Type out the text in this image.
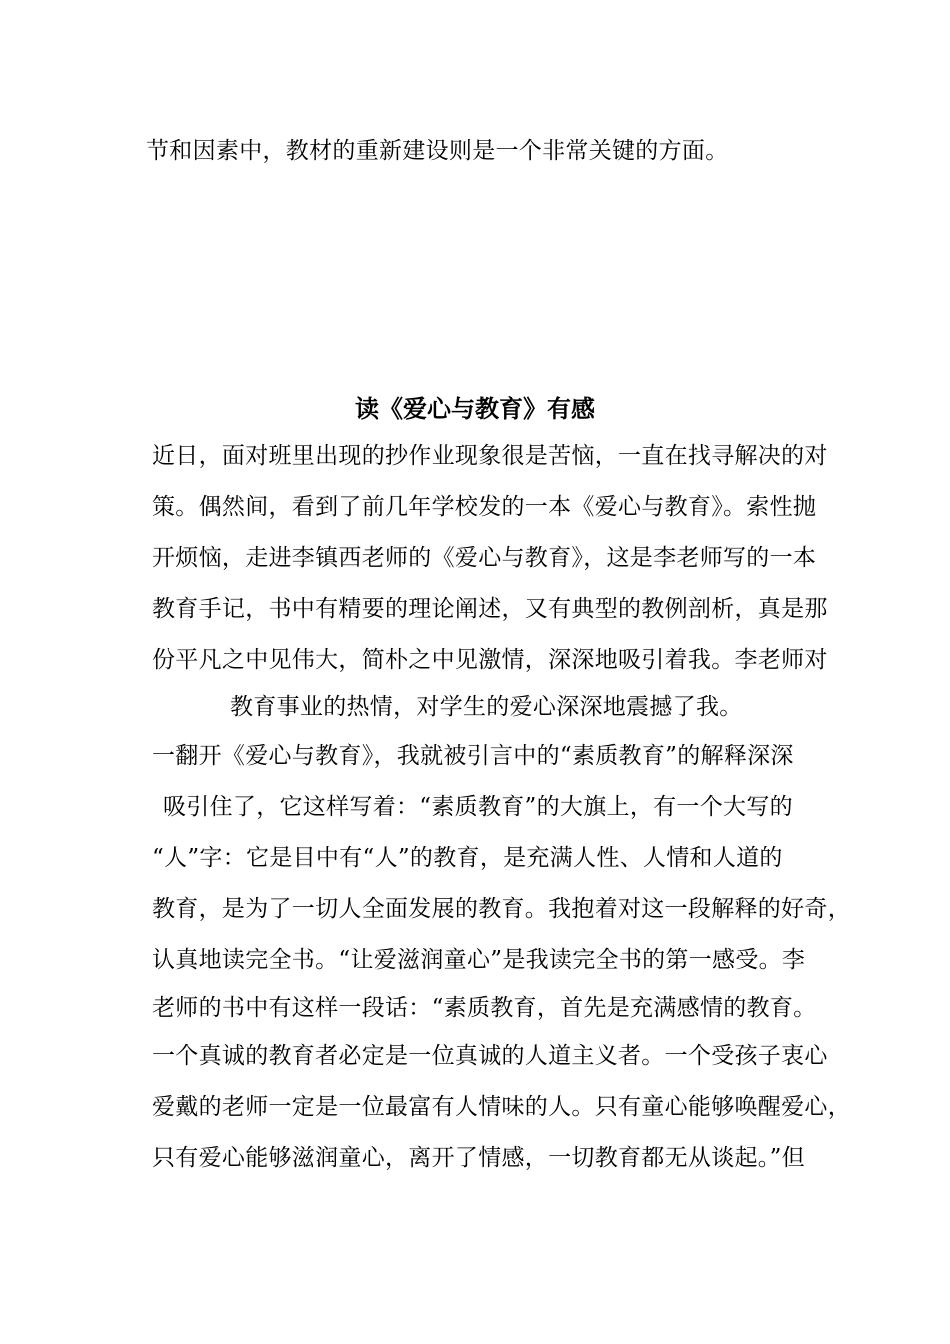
节和因素中，教材的重新建设则是一个非常关键的方面。
读《爱心与教育》有感
近日，面对班里出现的抄作业现象很是苦恼，一直在找寻解决的对
策。偶然间，看到了前几年学校发的一本《爱心与教育》。索性抛
开烦恼，走进李镇西老师的《爱心与教育》，这是李老师写的一本
教育手记，书中有精要的理论阐述，又有典型的教例剖析，真是那
份平凡之中见伟大，简朴之中见激情，深深地吸引着我。李老师对
教育事业的热情，对学生的爱心深深地震撼了我。
一翻开《爱心与教育》，我就被引言中的“素质教育”的解释深深
吸引住了，它这样写着：“素质教育”的大旗上，有一个大写的
“人”字：它是目中有“人”的教育，是充满人性、人情和人道的
教育，是为了一切人全面发展的教育。我抱着对这一段解释的好奇，
认真地读完全书。“让爱滋润童心”是我读完全书的第一感受。李
老师的书中有这样一段话：“素质教育，首先是充满感情的教育。
一个真诚的教育者必定是一位真诚的人道主义者。一个受孩子衷心
爱戴的老师一定是一位最富有人情味的人。只有童心能够唤醒爱心，
只有爱心能够滋润童心，离开了情感，一切教育都无从谈起。”但
